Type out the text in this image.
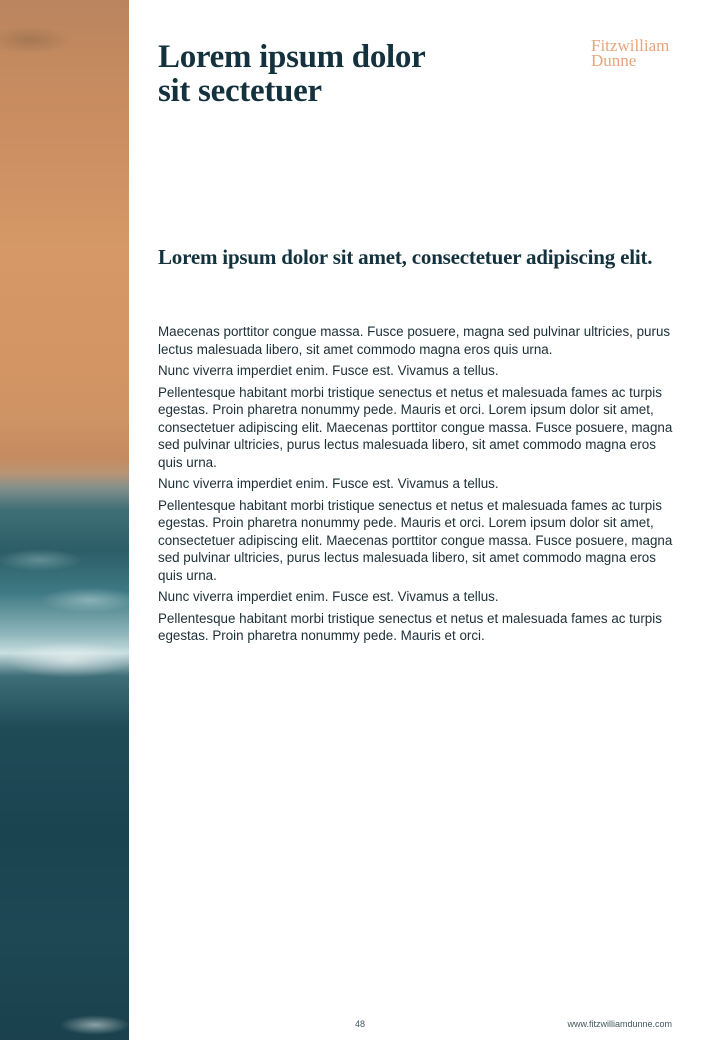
Fitzwilliam
Dunne
Lorem ipsum dolor
sit sectetuer
Lorem ipsum dolor sit amet, consectetuer adipiscing elit.

Maecenas porttitor congue massa. Fusce posuere, magna sed pulvinar ultricies, purus lectus malesuada libero, sit amet commodo magna eros quis urna.

Nunc viverra imperdiet enim. Fusce est. Vivamus a tellus.

Pellentesque habitant morbi tristique senectus et netus et malesuada fames ac turpis egestas. Proin pharetra nonummy pede. Mauris et orci. Lorem ipsum dolor sit amet, consectetuer adipiscing elit. Maecenas porttitor congue massa. Fusce posuere, magna sed pulvinar ultricies, purus lectus malesuada libero, sit amet commodo magna eros quis urna.

Nunc viverra imperdiet enim. Fusce est. Vivamus a tellus.

Pellentesque habitant morbi tristique senectus et netus et malesuada fames ac turpis egestas. Proin pharetra nonummy pede. Mauris et orci. Lorem ipsum dolor sit amet, consectetuer adipiscing elit. Maecenas porttitor congue massa. Fusce posuere, magna sed pulvinar ultricies, purus lectus malesuada libero, sit amet commodo magna eros quis urna.

Nunc viverra imperdiet enim. Fusce est. Vivamus a tellus.

Pellentesque habitant morbi tristique senectus et netus et malesuada fames ac turpis egestas. Proin pharetra nonummy pede. Mauris et orci.

48	www.fitzwilliamdunne.com
